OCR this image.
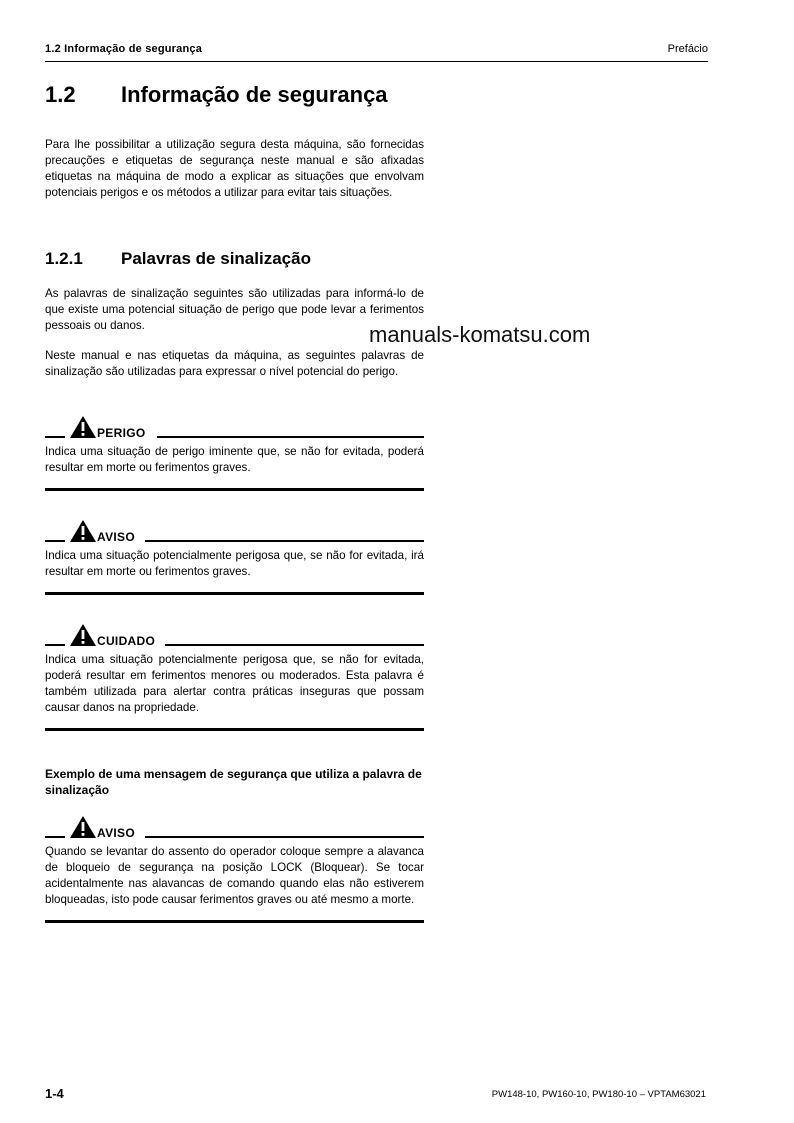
1.2 Informação de segurança	Prefácio
1.2 Informação de segurança
Para lhe possibilitar a utilização segura desta máquina, são fornecidas precauções e etiquetas de segurança neste manual e são afixadas etiquetas na máquina de modo a explicar as situações que envolvam potenciais perigos e os métodos a utilizar para evitar tais situações.
1.2.1 Palavras de sinalização
As palavras de sinalização seguintes são utilizadas para informá-lo de que existe uma potencial situação de perigo que pode levar a ferimentos pessoais ou danos.
Neste manual e nas etiquetas da máquina, as seguintes palavras de sinalização são utilizadas para expressar o nível potencial do perigo.
manuals-komatsu.com
PERIGO
Indica uma situação de perigo iminente que, se não for evitada, poderá resultar em morte ou ferimentos graves.
AVISO
Indica uma situação potencialmente perigosa que, se não for evitada, irá resultar em morte ou ferimentos graves.
CUIDADO
Indica uma situação potencialmente perigosa que, se não for evitada, poderá resultar em ferimentos menores ou moderados. Esta palavra é também utilizada para alertar contra práticas inseguras que possam causar danos na propriedade.
Exemplo de uma mensagem de segurança que utiliza a palavra de sinalização
AVISO
Quando se levantar do assento do operador coloque sempre a alavanca de bloqueio de segurança na posição LOCK (Bloquear). Se tocar acidentalmente nas alavancas de comando quando elas não estiverem bloqueadas, isto pode causar ferimentos graves ou até mesmo a morte.
1-4	PW148-10, PW160-10, PW180-10 – VPTAM63021
